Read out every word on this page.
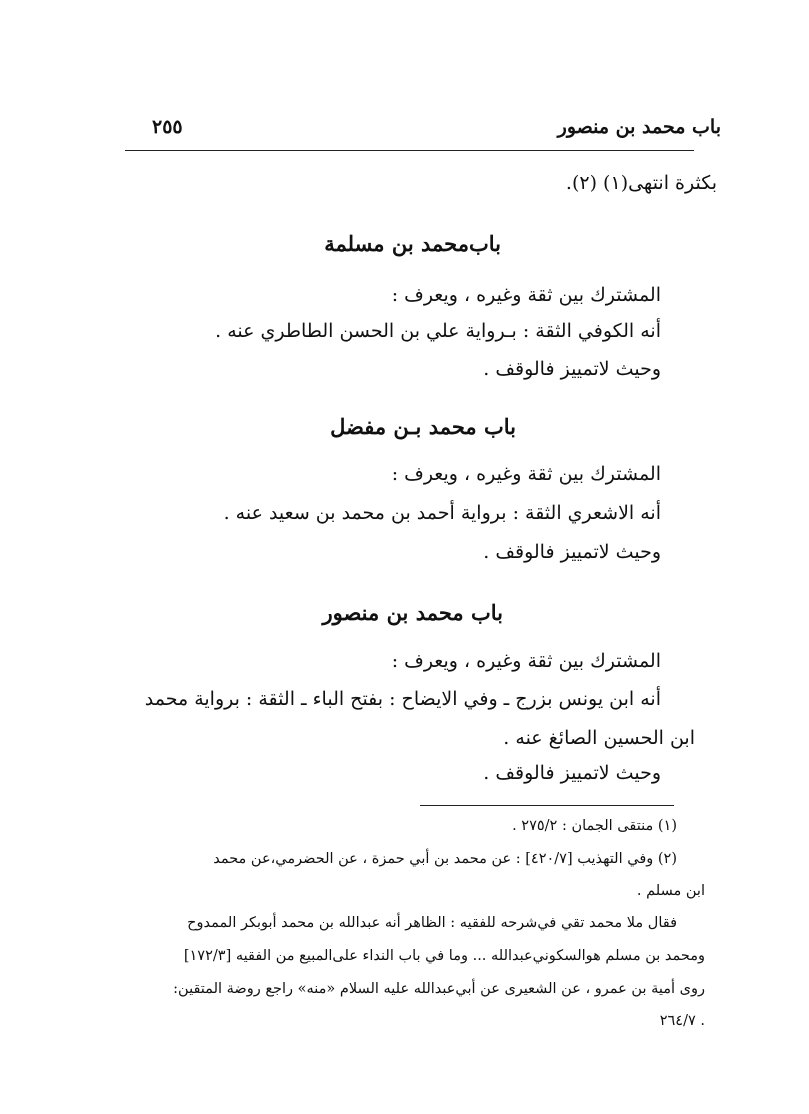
باب محمد بن منصور
٢٥٥
بكثرة انتهى(١) (٢).
باب‌محمد بن مسلمة
المشترك بين ثقة وغيره ، ويعرف :
أنه الكوفي الثقة : بـرواية علي بن الحسن الطاطري عنه .
وحيث لاتمييز فالوقف .
باب محمد بـن مفضل
المشترك بين ثقة وغيره ، ويعرف :
أنه الاشعري الثقة : برواية أحمد بن محمد بن سعيد عنه .
وحيث لاتمييز فالوقف .
باب محمد بن منصور
المشترك بين ثقة وغيره ، ويعرف :
أنه ابن يونس بزرج ـ وفي الايضاح : بفتح الباء ـ الثقة : برواية محمد
ابن الحسين الصائغ عنه .
وحيث لاتمييز فالوقف .
(١) منتقى الجمان : ٢٧٥/٢ .
(٢) وفي التهذيب [٤٢٠/٧] : عن محمد بن أبي حمزة ، عن الحضرمي،عن محمد
ابن مسلم .
فقال ملا محمد تقي في‌شرحه للفقيه : الظاهر أنه عبدالله بن محمد أبوبكر الممدوح
ومحمد بن مسلم هوالسكوني‌عبدالله ... وما في باب النداء على‌المبيع من الفقيه [١٧٢/٣]
روى أمية بن عمرو ، عن الشعيرى عن أبي‌عبدالله عليه السلام «منه» راجع روضة المتقين:
٢٦٤/٧ .
